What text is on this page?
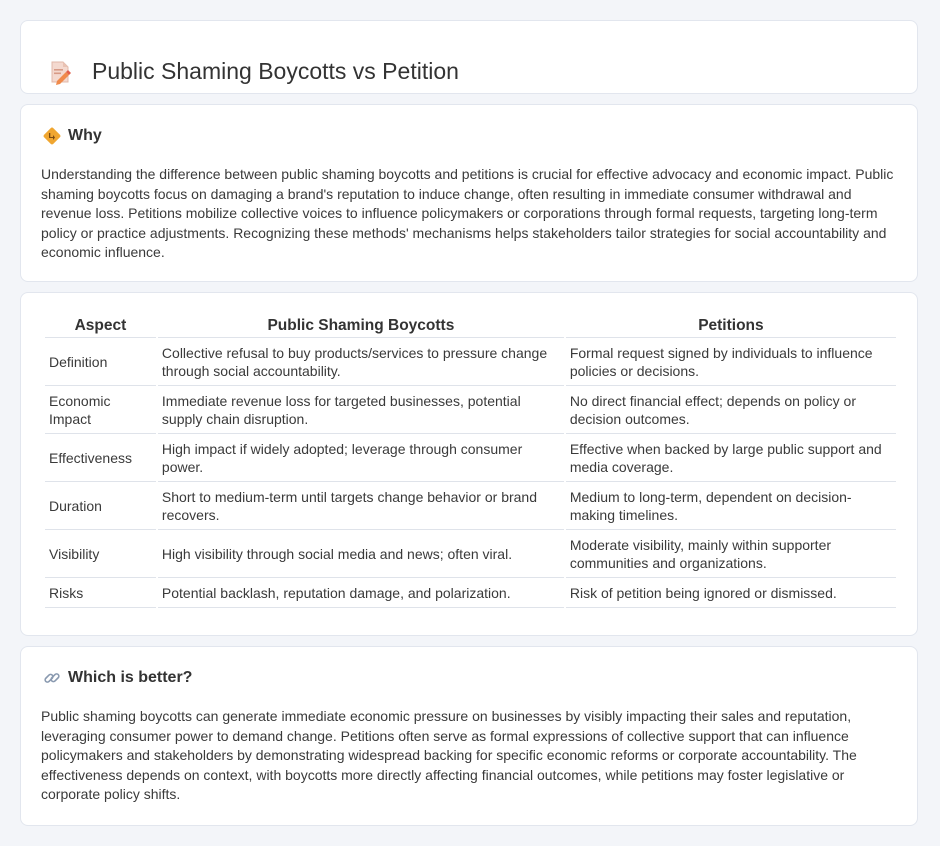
Public Shaming Boycotts vs Petition
Why

Understanding the difference between public shaming boycotts and petitions is crucial for effective advocacy and economic impact. Public shaming boycotts focus on damaging a brand's reputation to induce change, often resulting in immediate consumer withdrawal and revenue loss. Petitions mobilize collective voices to influence policymakers or corporations through formal requests, targeting long-term policy or practice adjustments. Recognizing these methods' mechanisms helps stakeholders tailor strategies for social accountability and economic influence.

Aspect	Public Shaming Boycotts	Petitions
Definition	Collective refusal to buy products/services to pressure change through social accountability.	Formal request signed by individuals to influence policies or decisions.
Economic Impact	Immediate revenue loss for targeted businesses, potential supply chain disruption.	No direct financial effect; depends on policy or decision outcomes.
Effectiveness	High impact if widely adopted; leverage through consumer power.	Effective when backed by large public support and media coverage.
Duration	Short to medium-term until targets change behavior or brand recovers.	Medium to long-term, dependent on decision-making timelines.
Visibility	High visibility through social media and news; often viral.	Moderate visibility, mainly within supporter communities and organizations.
Risks	Potential backlash, reputation damage, and polarization.	Risk of petition being ignored or dismissed.
Which is better?

Public shaming boycotts can generate immediate economic pressure on businesses by visibly impacting their sales and reputation, leveraging consumer power to demand change. Petitions often serve as formal expressions of collective support that can influence policymakers and stakeholders by demonstrating widespread backing for specific economic reforms or corporate accountability. The effectiveness depends on context, with boycotts more directly affecting financial outcomes, while petitions may foster legislative or corporate policy shifts.
